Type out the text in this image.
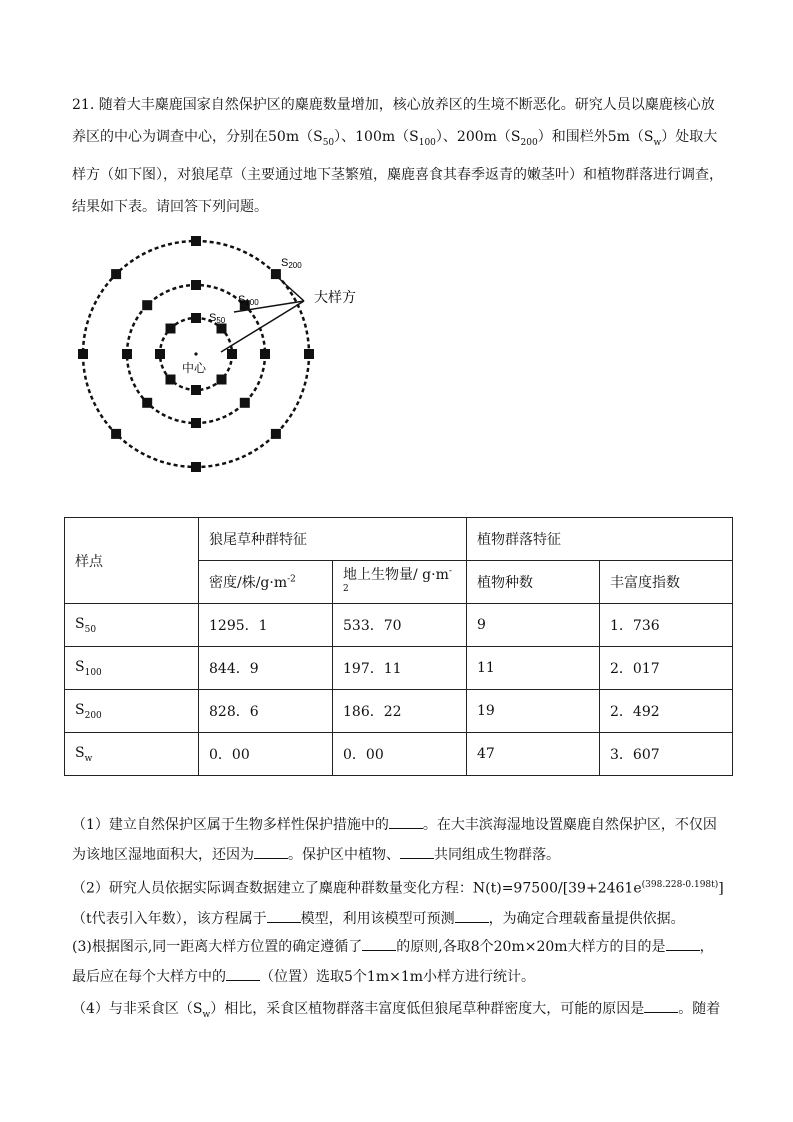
21. 随着大丰麋鹿国家自然保护区的麋鹿数量增加，核心放养区的生境不断恶化。研究人员以麋鹿核心放养区的中心为调查中心，分别在$50m(S_{50})$、$100m(S_{100})$、$200m(S_{200})$和围栏外$5m(S_w)$处取大样方（如下图），对狼尾草（主要通过地下茎繁殖，麋鹿喜食其春季返青的嫩茎叶）和植物群落进行调查，结果如下表。请回答下列问题。

S200
S100
S50
大样方
中心
样点	狼尾草种群特征		植物群落特征	
	密度/株$/g\cdot m^{-2}$	地上生物量/ $g\cdot m^{-2}$	植物种数	丰富度指数
$S_{50}$	1295．1	533．70	9	1．736
$S_{100}$	844．9	197．11	11	2．017
$S_{200}$	828．6	186．22	19	2．492
$S_w$	0．00	0．00	47	3．607

（1）建立自然保护区属于生物多样性保护措施中的 。在大丰滨海湿地设置麋鹿自然保护区，不仅因为该地区湿地面积大，还因为 。保护区中植物、 共同组成生物群落。

（2）研究人员依据实际调查数据建立了麋鹿种群数量变化方程：$N(t)=97500/[39+2461e^{(398.228-0.198t)}](t$代表引入年数），该方程属于 模型，利用该模型可预测 ，为确定合理载畜量提供依据。

(3)根据图示,同一距离大样方位置的确定遵循了 的原则,各取8个20m×20m大样方的目的是 ，最后应在每个大样方中的 （位置）选取5个1m×1m小样方进行统计。

（4）与非采食区$(S_w)$相比，采食区植物群落丰富度低但狼尾草种群密度大，可能的原因是 。随着
